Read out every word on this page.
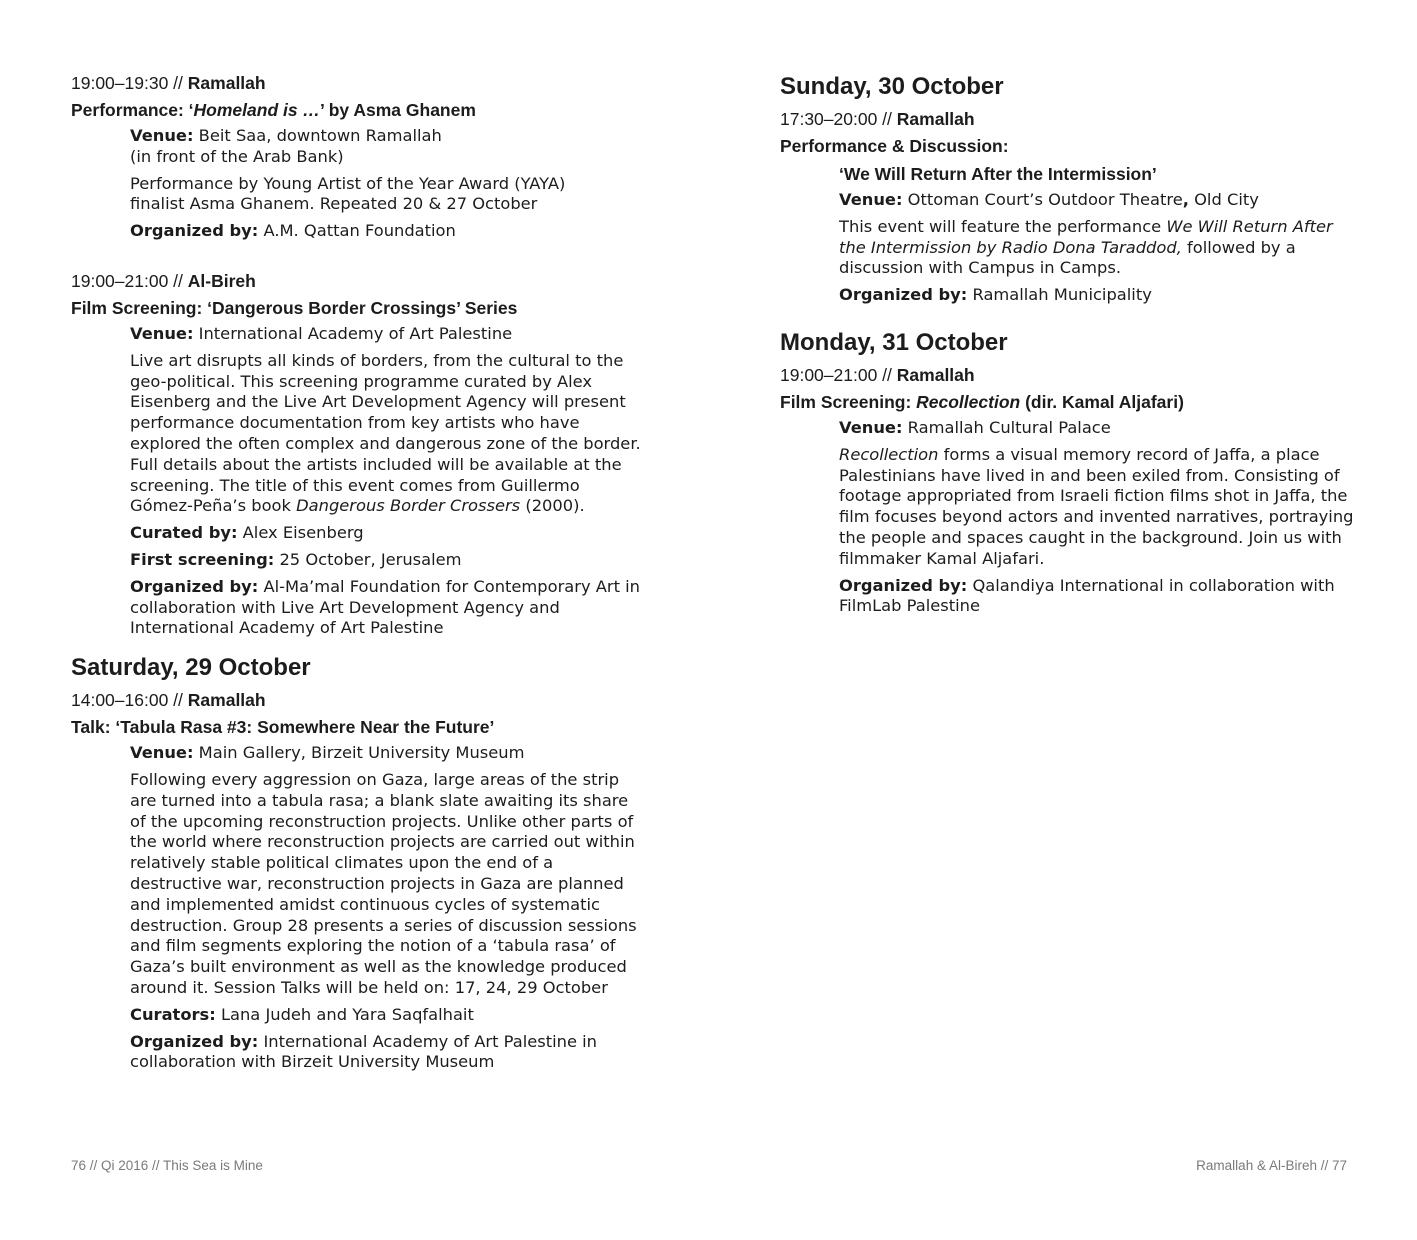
19:00–19:30 // Ramallah
Performance: ‘Homeland is …’ by Asma Ghanem
Venue: Beit Saa, downtown Ramallah
(in front of the Arab Bank)
Performance by Young Artist of the Year Award (YAYA) finalist Asma Ghanem. Repeated 20 & 27 October
Organized by: A.M. Qattan Foundation
19:00–21:00 // Al-Bireh
Film Screening: ‘Dangerous Border Crossings’ Series
Venue: International Academy of Art Palestine
Live art disrupts all kinds of borders, from the cultural to the geo-political. This screening programme curated by Alex Eisenberg and the Live Art Development Agency will present performance documentation from key artists who have explored the often complex and dangerous zone of the border. Full details about the artists included will be available at the screening. The title of this event comes from Guillermo Gómez-Peña’s book Dangerous Border Crossers (2000).
Curated by: Alex Eisenberg
First screening: 25 October, Jerusalem
Organized by: Al-Ma’mal Foundation for Contemporary Art in collaboration with Live Art Development Agency and International Academy of Art Palestine
Saturday, 29 October
14:00–16:00 // Ramallah
Talk: ‘Tabula Rasa #3: Somewhere Near the Future’
Venue: Main Gallery, Birzeit University Museum
Following every aggression on Gaza, large areas of the strip are turned into a tabula rasa; a blank slate awaiting its share of the upcoming reconstruction projects. Unlike other parts of the world where reconstruction projects are carried out within relatively stable political climates upon the end of a destructive war, reconstruction projects in Gaza are planned and implemented amidst continuous cycles of systematic destruction. Group 28 presents a series of discussion sessions and film segments exploring the notion of a ‘tabula rasa’ of Gaza’s built environment as well as the knowledge produced around it. Session Talks will be held on: 17, 24, 29 October
Curators: Lana Judeh and Yara Saqfalhait
Organized by: International Academy of Art Palestine in collaboration with Birzeit University Museum
Sunday, 30 October
17:30–20:00 // Ramallah
Performance & Discussion:
‘We Will Return After the Intermission’
Venue: Ottoman Court’s Outdoor Theatre, Old City
This event will feature the performance We Will Return After the Intermission by Radio Dona Taraddod, followed by a discussion with Campus in Camps.
Organized by: Ramallah Municipality
Monday, 31 October
19:00–21:00 // Ramallah
Film Screening: Recollection (dir. Kamal Aljafari)
Venue: Ramallah Cultural Palace
Recollection forms a visual memory record of Jaffa, a place Palestinians have lived in and been exiled from. Consisting of footage appropriated from Israeli fiction films shot in Jaffa, the film focuses beyond actors and invented narratives, portraying the people and spaces caught in the background. Join us with filmmaker Kamal Aljafari.
Organized by: Qalandiya International in collaboration with FilmLab Palestine
76 // Qi 2016 // This Sea is Mine	Ramallah & Al-Bireh // 77
